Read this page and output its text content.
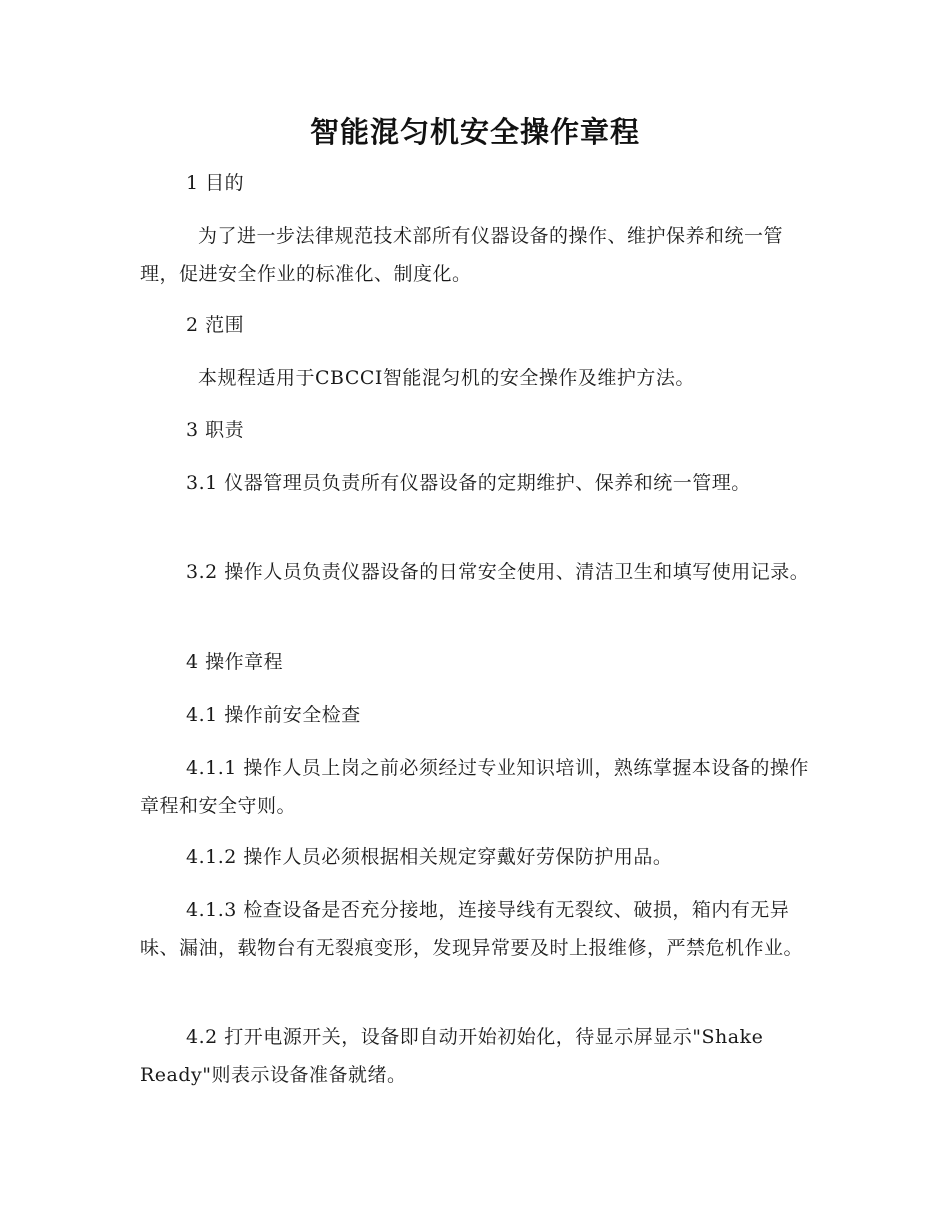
智能混匀机安全操作章程

1 目的

为了进一步法律规范技术部所有仪器设备的操作、维护保养和统一管理，促进安全作业的标准化、制度化。

2 范围

本规程适用于CBCCI智能混匀机的安全操作及维护方法。

3 职责

3.1 仪器管理员负责所有仪器设备的定期维护、保养和统一管理。

3.2 操作人员负责仪器设备的日常安全使用、清洁卫生和填写使用记录。

4 操作章程

4.1 操作前安全检查

4.1.1 操作人员上岗之前必须经过专业知识培训，熟练掌握本设备的操作章程和安全守则。

4.1.2 操作人员必须根据相关规定穿戴好劳保防护用品。

4.1.3 检查设备是否充分接地，连接导线有无裂纹、破损，箱内有无异味、漏油，载物台有无裂痕变形，发现异常要及时上报维修，严禁危机作业。

4.2 打开电源开关，设备即自动开始初始化，待显示屏显示"Shake Ready"则表示设备准备就绪。
